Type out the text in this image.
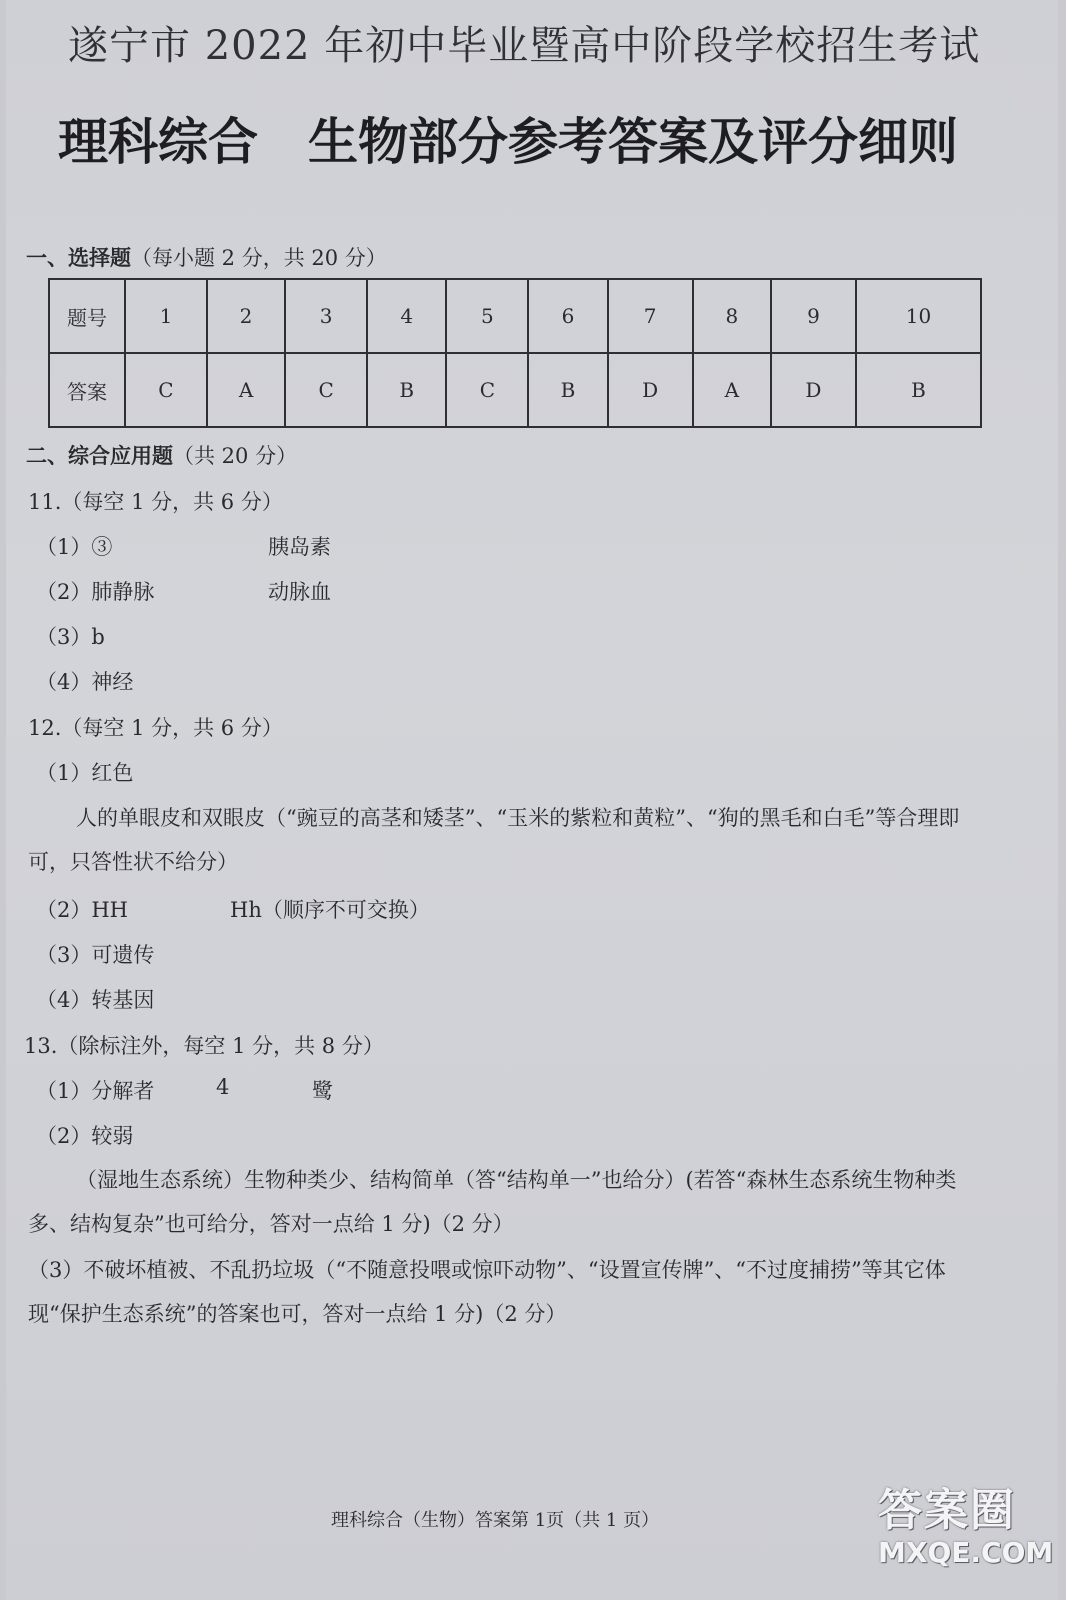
遂宁市 2022 年初中毕业暨高中阶段学校招生考试
理科综合 生物部分参考答案及评分细则
一、选择题（每小题 2 分，共 20 分）
题号	1	2	3	4	5	6	7	8	9	10
答案	C	A	C	B	C	B	D	A	D	B
二、综合应用题（共 20 分）
11.（每空 1 分，共 6 分）
（1）③	胰岛素
（2）肺静脉	动脉血
（3）b
（4）神经
12.（每空 1 分，共 6 分）
（1）红色
人的单眼皮和双眼皮（“豌豆的高茎和矮茎”、“玉米的紫粒和黄粒”、“狗的黑毛和白毛”等合理即可，只答性状不给分）
（2）HH	Hh（顺序不可交换）
（3）可遗传
（4）转基因
13.（除标注外，每空 1 分，共 8 分）
（1）分解者	4	鹭
（2）较弱
（湿地生态系统）生物种类少、结构简单（答“结构单一”也给分）(若答“森林生态系统生物种类多、结构复杂”也可给分，答对一点给 1 分)（2 分）
（3）不破坏植被、不乱扔垃圾（“不随意投喂或惊吓动物”、“设置宣传牌”、“不过度捕捞”等其它体现“保护生态系统”的答案也可，答对一点给 1 分)（2 分）
理科综合（生物）答案第 1页（共 1 页）	答案圈
MXQE.COM
